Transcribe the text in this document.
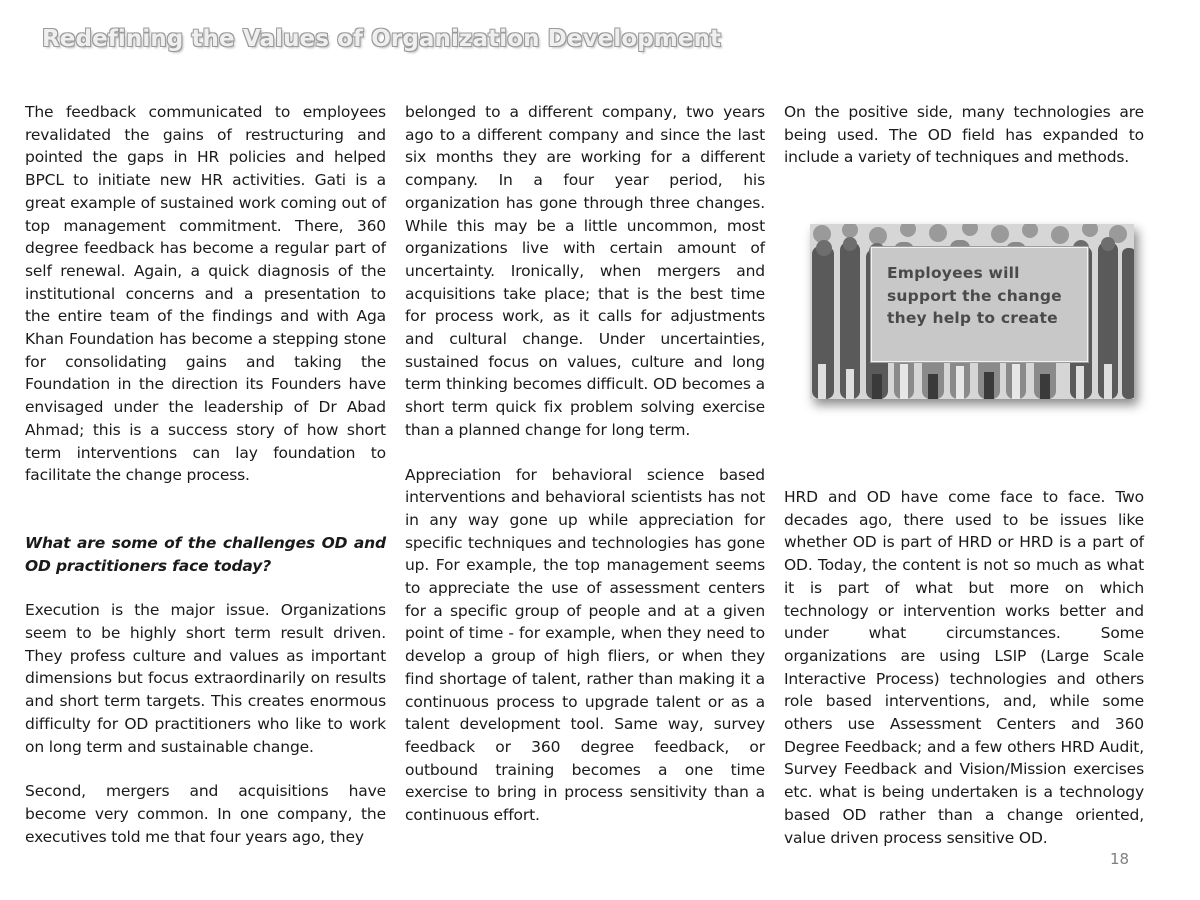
Redefining the Values of Organization Development

The feedback communicated to employees revalidated the gains of restructuring and pointed the gaps in HR policies and helped BPCL to initiate new HR activities. Gati is a great example of sustained work coming out of top management commitment. There, 360 degree feedback has become a regular part of self renewal. Again, a quick diagnosis of the institutional concerns and a presentation to the entire team of the findings and with Aga Khan Foundation has become a stepping stone for consolidating gains and taking the Foundation in the direction its Founders have envisaged under the leadership of Dr Abad Ahmad; this is a success story of how short term interventions can lay foundation to facilitate the change process.

What are some of the challenges OD and OD practitioners face today?

Execution is the major issue. Organizations seem to be highly short term result driven. They profess culture and values as important dimensions but focus extraordinarily on results and short term targets. This creates enormous difficulty for OD practitioners who like to work on long term and sustainable change.

Second, mergers and acquisitions have become very common. In one company, the executives told me that four years ago, they

belonged to a different company, two years ago to a different company and since the last six months they are working for a different company. In a four year period, his organization has gone through three changes. While this may be a little uncommon, most organizations live with certain amount of uncertainty. Ironically, when mergers and acquisitions take place; that is the best time for process work, as it calls for adjustments and cultural change. Under uncertainties, sustained focus on values, culture and long term thinking becomes difficult. OD becomes a short term quick fix problem solving exercise than a planned change for long term.

Appreciation for behavioral science based interventions and behavioral scientists has not in any way gone up while appreciation for specific techniques and technologies has gone up. For example, the top management seems to appreciate the use of assessment centers for a specific group of people and at a given point of time - for example, when they need to develop a group of high fliers, or when they find shortage of talent, rather than making it a continuous process to upgrade talent or as a talent development tool. Same way, survey feedback or 360 degree feedback, or outbound training becomes a one time exercise to bring in process sensitivity than a continuous effort.

On the positive side, many technologies are being used. The OD field has expanded to include a variety of techniques and methods.

Employees will support the change they help to create

HRD and OD have come face to face. Two decades ago, there used to be issues like whether OD is part of HRD or HRD is a part of OD. Today, the content is not so much as what it is part of what but more on which technology or intervention works better and under what circumstances. Some organizations are using LSIP (Large Scale Interactive Process) technologies and others role based interventions, and, while some others use Assessment Centers and 360 Degree Feedback; and a few others HRD Audit, Survey Feedback and Vision/Mission exercises etc. what is being undertaken is a technology based OD rather than a change oriented, value driven process sensitive OD.

18
